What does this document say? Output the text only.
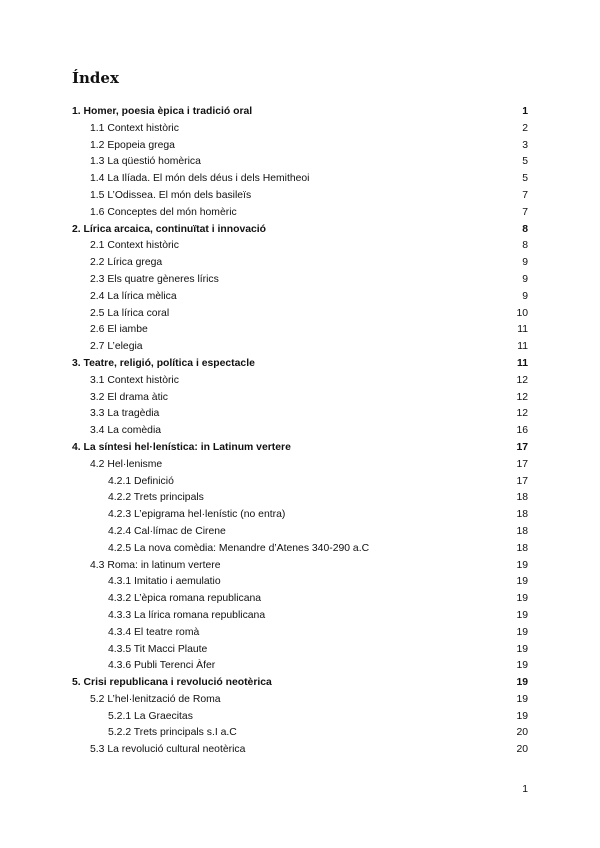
Índex
1. Homer, poesia èpica i tradició oral	1
1.1 Context històric	2
1.2 Epopeia grega	3
1.3 La qüestió homèrica	5
1.4 La Ilíada. El món dels déus i dels Hemitheoi	5
1.5 L’Odissea. El món dels basileïs	7
1.6 Conceptes del món homèric	7
2. Lírica arcaica, continuïtat i innovació	8
2.1 Context històric	8
2.2 Lírica grega	9
2.3 Els quatre gèneres lírics	9
2.4 La lírica mèlica	9
2.5 La lírica coral	10
2.6 El iambe	11
2.7 L’elegia	11
3. Teatre, religió, política i espectacle	11
3.1 Context històric	12
3.2 El drama àtic	12
3.3 La tragèdia	12
3.4 La comèdia	16
4. La síntesi hel·lenística: in Latinum vertere	17
4.2 Hel·lenisme	17
4.2.1 Definició	17
4.2.2 Trets principals	18
4.2.3 L’epigrama hel·lenístic (no entra)	18
4.2.4 Cal·límac de Cirene	18
4.2.5 La nova comèdia: Menandre d’Atenes 340-290 a.C	18
4.3 Roma: in latinum vertere	19
4.3.1 Imitatio i aemulatio	19
4.3.2 L’èpica romana republicana	19
4.3.3 La lírica romana republicana	19
4.3.4 El teatre romà	19
4.3.5 Tit Macci Plaute	19
4.3.6 Publi Terenci Àfer	19
5. Crisi republicana i revolució neotèrica	19
5.2 L’hel·lenització de Roma	19
5.2.1 La Graecitas	19
5.2.2 Trets principals s.I a.C	20
5.3 La revolució cultural neotèrica	20
1
